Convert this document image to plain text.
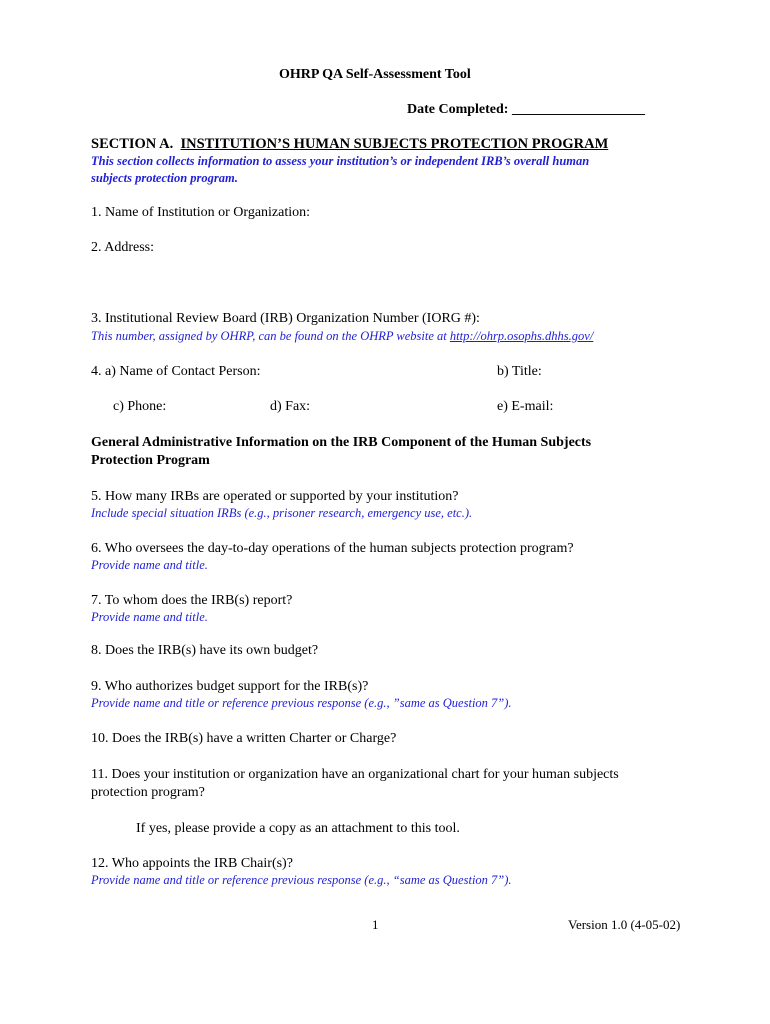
OHRP QA Self-Assessment Tool
Date Completed: ___________________
SECTION A. INSTITUTION’S HUMAN SUBJECTS PROTECTION PROGRAM
This section collects information to assess your institution’s or independent IRB’s overall human
subjects protection program.
1. Name of Institution or Organization:
2. Address:
3. Institutional Review Board (IRB) Organization Number (IORG #):
This number, assigned by OHRP, can be found on the OHRP website at http://ohrp.osophs.dhhs.gov/
4. a) Name of Contact Person:	b) Title:
c) Phone:	d) Fax:	e) E-mail:
General Administrative Information on the IRB Component of the Human Subjects
Protection Program
5. How many IRBs are operated or supported by your institution?
Include special situation IRBs (e.g., prisoner research, emergency use, etc.).
6. Who oversees the day-to-day operations of the human subjects protection program?
Provide name and title.
7. To whom does the IRB(s) report?
Provide name and title.
8. Does the IRB(s) have its own budget?
9. Who authorizes budget support for the IRB(s)?
Provide name and title or reference previous response (e.g., ”same as Question 7”).
10. Does the IRB(s) have a written Charter or Charge?
11. Does your institution or organization have an organizational chart for your human subjects
protection program?
If yes, please provide a copy as an attachment to this tool.
12. Who appoints the IRB Chair(s)?
Provide name and title or reference previous response (e.g., “same as Question 7”).
1	Version 1.0 (4-05-02)
